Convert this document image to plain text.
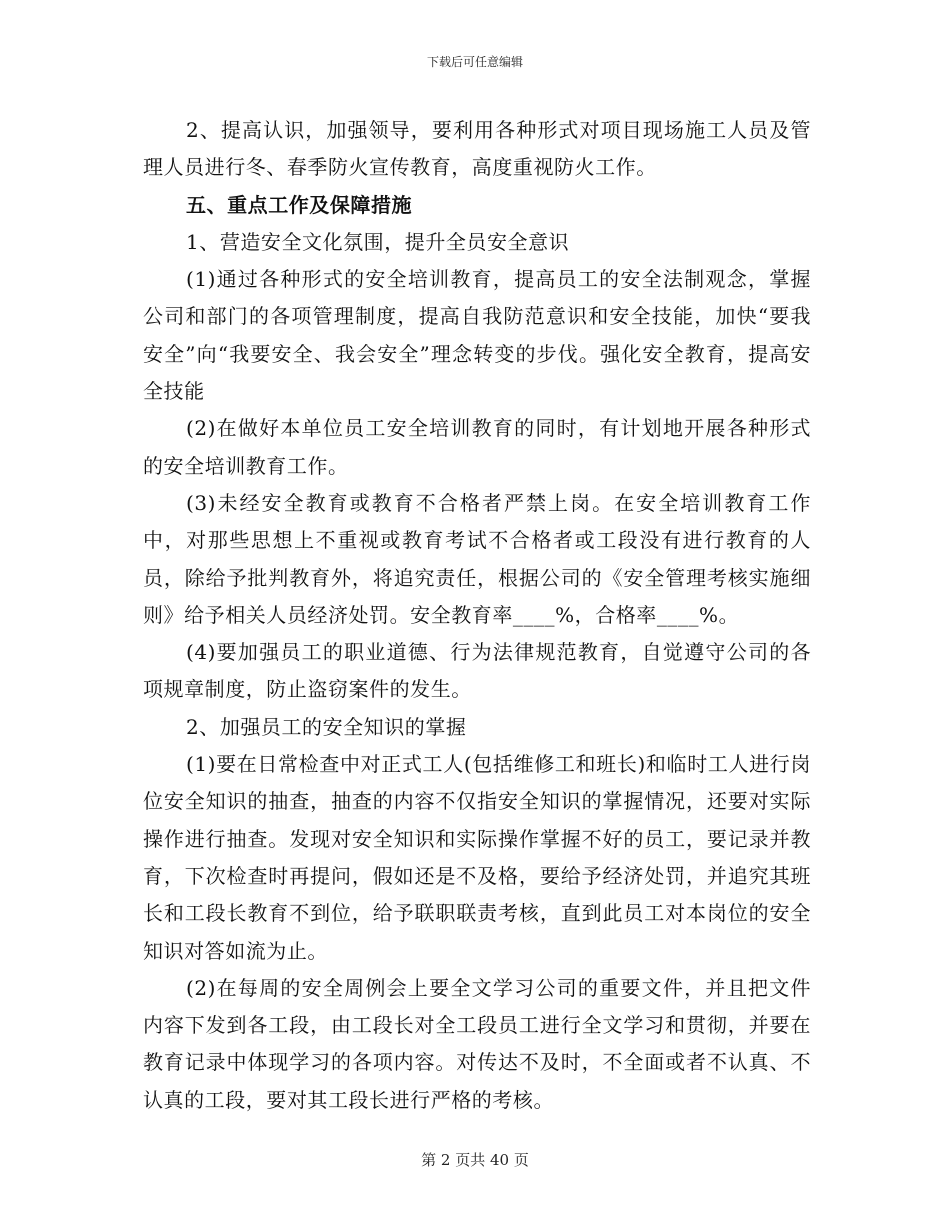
下载后可任意编辑

2、提高认识，加强领导，要利用各种形式对项目现场施工人员及管理人员进行冬、春季防火宣传教育，高度重视防火工作。

五、重点工作及保障措施

1、营造安全文化氛围，提升全员安全意识

(1)通过各种形式的安全培训教育，提高员工的安全法制观念，掌握公司和部门的各项管理制度，提高自我防范意识和安全技能，加快“要我安全”向“我要安全、我会安全”理念转变的步伐。强化安全教育，提高安全技能

(2)在做好本单位员工安全培训教育的同时，有计划地开展各种形式的安全培训教育工作。

(3)未经安全教育或教育不合格者严禁上岗。在安全培训教育工作中，对那些思想上不重视或教育考试不合格者或工段没有进行教育的人员，除给予批判教育外，将追究责任，根据公司的《安全管理考核实施细则》给予相关人员经济处罚。安全教育率____%，合格率____%。

(4)要加强员工的职业道德、行为法律规范教育，自觉遵守公司的各项规章制度，防止盗窃案件的发生。

2、加强员工的安全知识的掌握

(1)要在日常检查中对正式工人(包括维修工和班长)和临时工人进行岗位安全知识的抽查，抽查的内容不仅指安全知识的掌握情况，还要对实际操作进行抽查。发现对安全知识和实际操作掌握不好的员工，要记录并教育，下次检查时再提问，假如还是不及格，要给予经济处罚，并追究其班长和工段长教育不到位，给予联职联责考核，直到此员工对本岗位的安全知识对答如流为止。

(2)在每周的安全周例会上要全文学习公司的重要文件，并且把文件内容下发到各工段，由工段长对全工段员工进行全文学习和贯彻，并要在教育记录中体现学习的各项内容。对传达不及时，不全面或者不认真、不认真的工段，要对其工段长进行严格的考核。

第 2 页共 40 页
